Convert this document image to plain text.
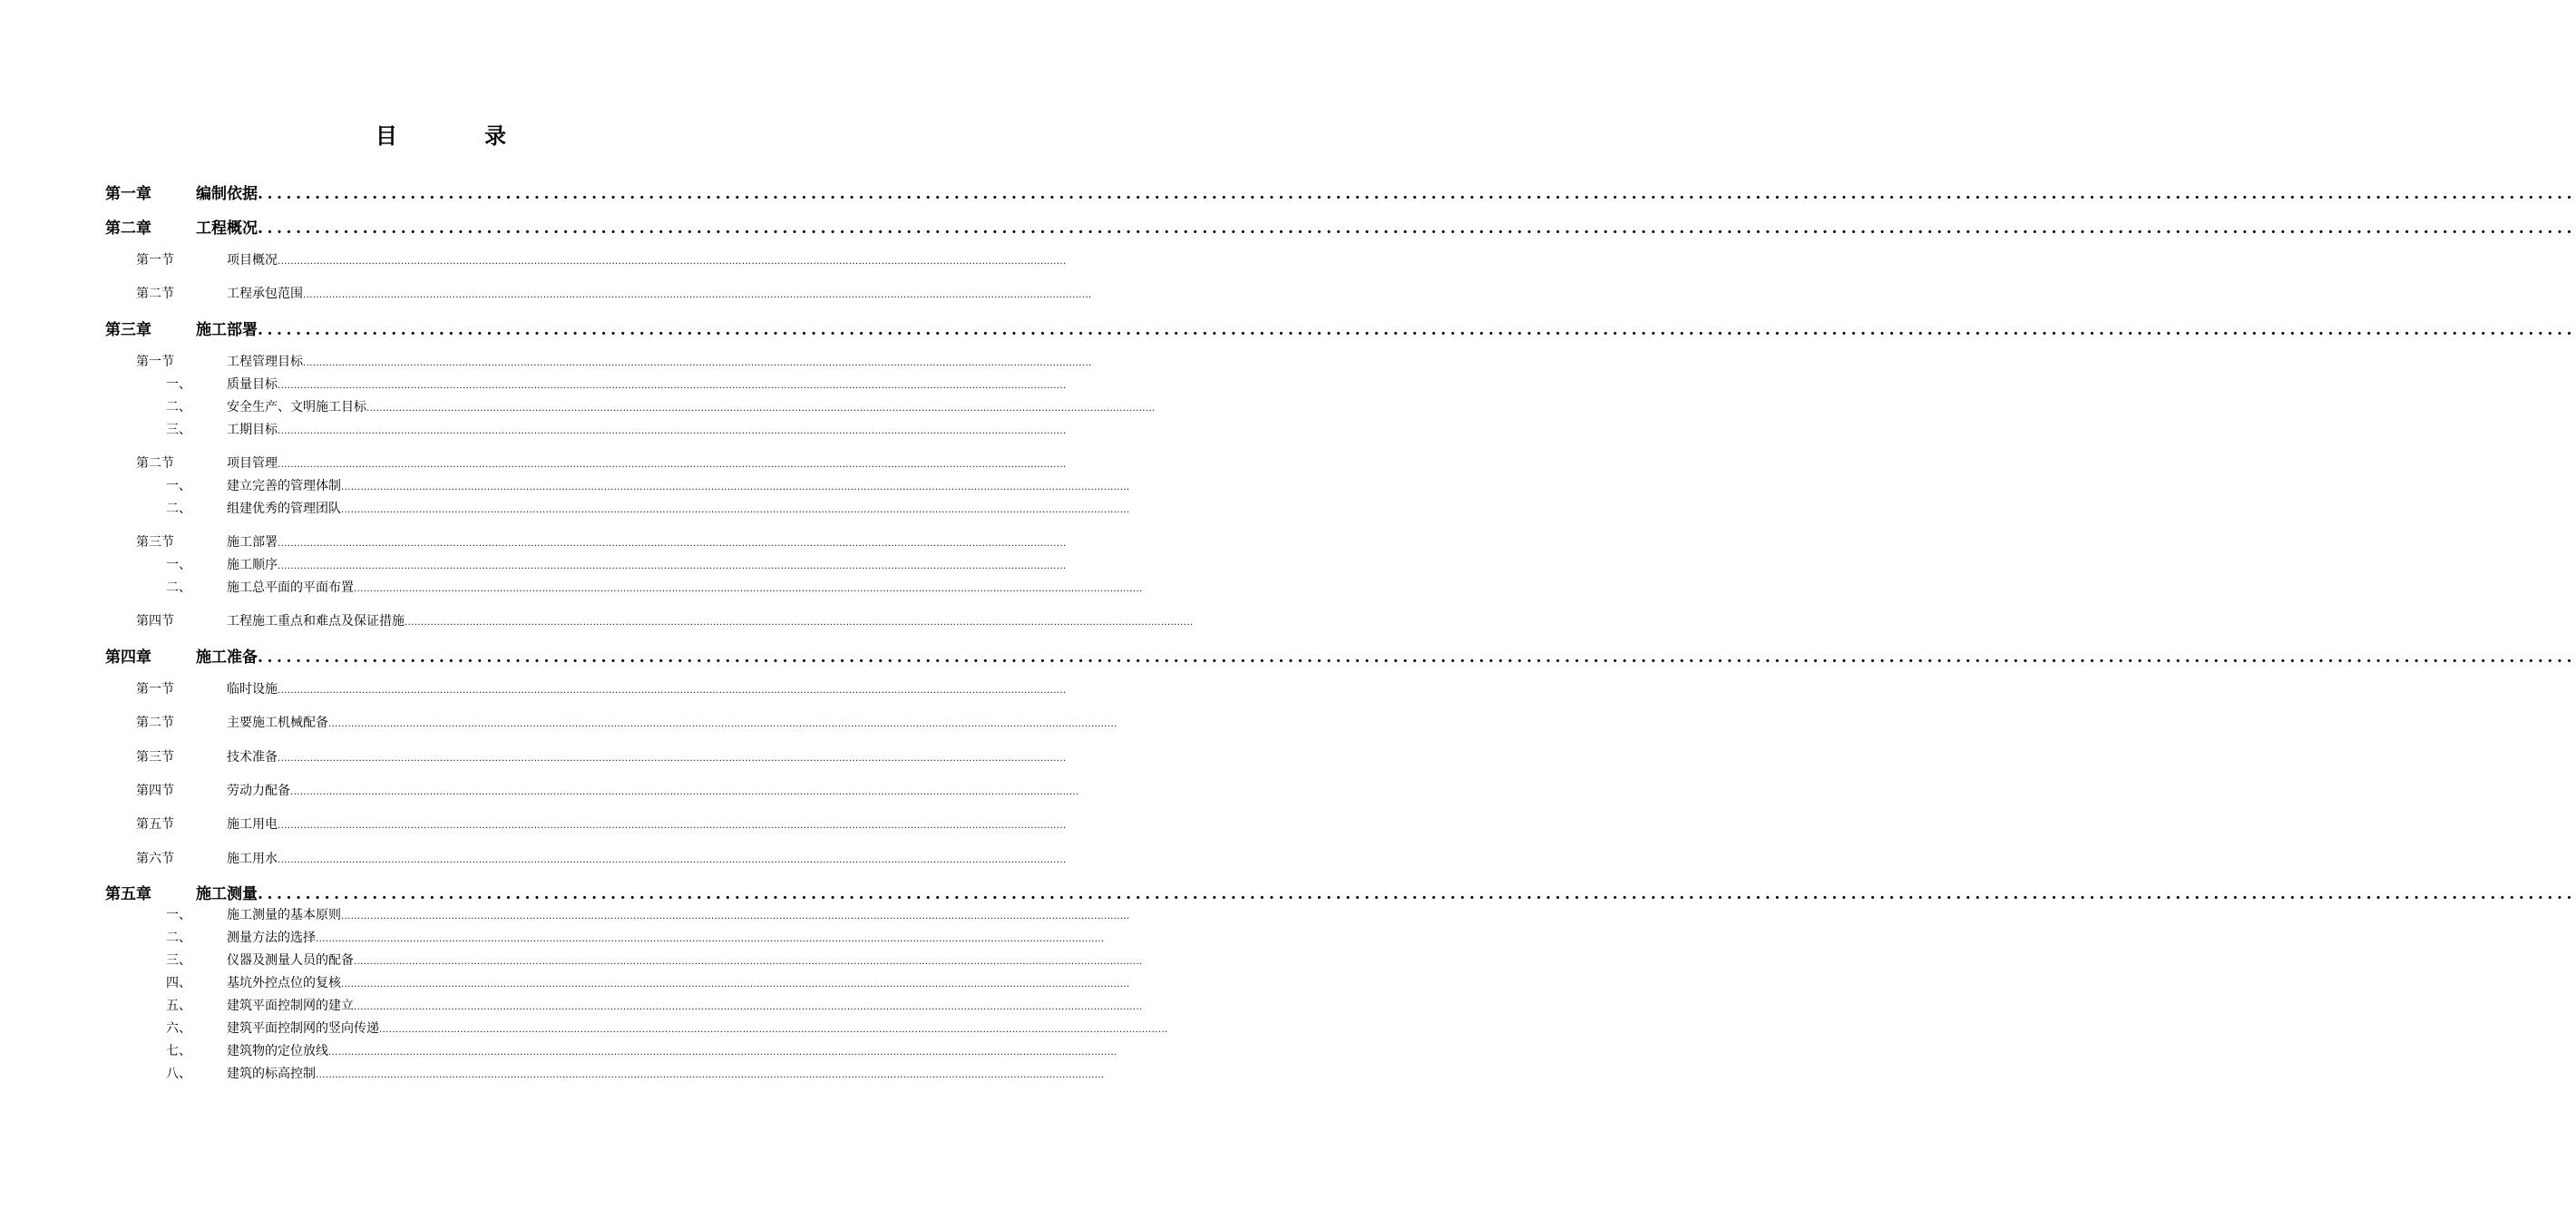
目 录
第一章	编制依据 ...................................................................................................................................................................................................................................................
第二章	工程概况 ...................................................................................................................................................................................................................................................
第一节	项目概况 ...................................................................................................................................................................................................................................................
第二节	工程承包范围 ...................................................................................................................................................................................................................................................
第三章	施工部署 ...................................................................................................................................................................................................................................................
第一节	工程管理目标 ...................................................................................................................................................................................................................................................
一、	质量目标 ...................................................................................................................................................................................................................................................
二、	安全生产、文明施工目标 ...................................................................................................................................................................................................................................................
三、	工期目标 ...................................................................................................................................................................................................................................................
第二节	项目管理 ...................................................................................................................................................................................................................................................
一、	建立完善的管理体制 ...................................................................................................................................................................................................................................................
二、	组建优秀的管理团队 ...................................................................................................................................................................................................................................................
第三节	施工部署 ...................................................................................................................................................................................................................................................
一、	施工顺序 ...................................................................................................................................................................................................................................................
二、	施工总平面的平面布置 ...................................................................................................................................................................................................................................................
第四节	工程施工重点和难点及保证措施 ...................................................................................................................................................................................................................................................
第四章	施工准备 ...................................................................................................................................................................................................................................................
第一节	临时设施 ...................................................................................................................................................................................................................................................
第二节	主要施工机械配备 ...................................................................................................................................................................................................................................................
第三节	技术准备 ...................................................................................................................................................................................................................................................
第四节	劳动力配备 ...................................................................................................................................................................................................................................................
第五节	施工用电 ...................................................................................................................................................................................................................................................
第六节	施工用水 ...................................................................................................................................................................................................................................................
第五章	施工测量 ...................................................................................................................................................................................................................................................
一、	施工测量的基本原则 ...................................................................................................................................................................................................................................................
二、	测量方法的选择 ...................................................................................................................................................................................................................................................
三、	仪器及测量人员的配备 ...................................................................................................................................................................................................................................................
四、	基坑外控点位的复核 ...................................................................................................................................................................................................................................................
五、	建筑平面控制网的建立 ...................................................................................................................................................................................................................................................
六、	建筑平面控制网的竖向传递 ...................................................................................................................................................................................................................................................
七、	建筑物的定位放线 ...................................................................................................................................................................................................................................................
八、	建筑的标高控制 ...................................................................................................................................................................................................................................................
